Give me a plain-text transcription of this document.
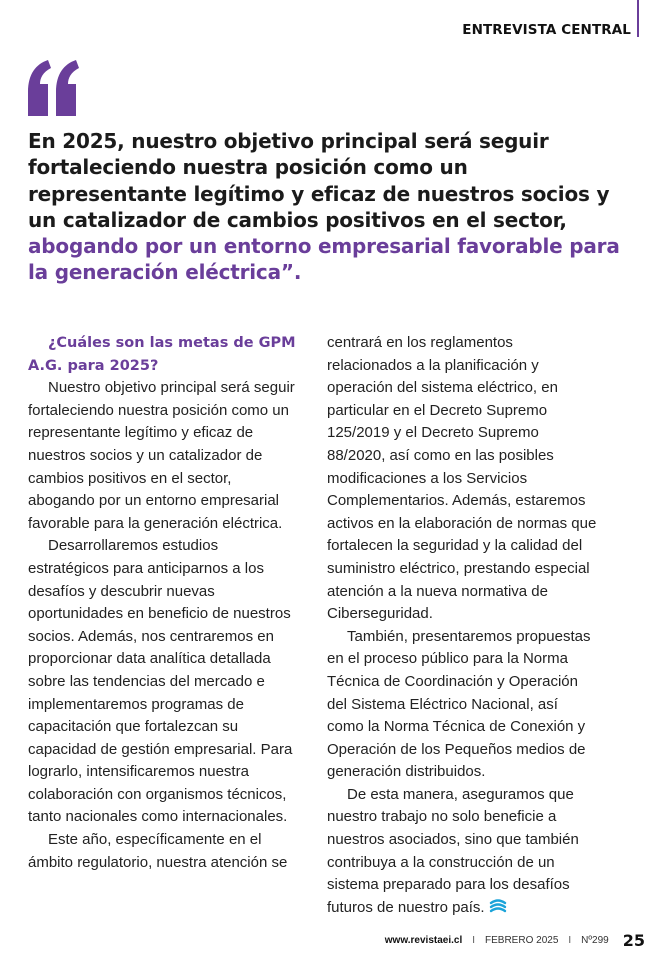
ENTREVISTA CENTRAL
En 2025, nuestro objetivo principal será seguir fortaleciendo nuestra posición como un representante legítimo y eficaz de nuestros socios y un catalizador de cambios positivos en el sector, abogando por un entorno empresarial favorable para la generación eléctrica”.

¿Cuáles son las metas de GPM
A.G. para 2025?

Nuestro objetivo principal será seguir fortaleciendo nuestra posición como un representante legítimo y eficaz de nuestros socios y un catalizador de cambios positivos en el sector, abogando por un entorno empresarial favorable para la generación eléctrica.

Desarrollaremos estudios estratégicos para anticiparnos a los desafíos y descubrir nuevas oportunidades en beneficio de nuestros socios. Además, nos centraremos en proporcionar data analítica detallada sobre las tendencias del mercado e implementaremos programas de capacitación que fortalezcan su capacidad de gestión empresarial. Para lograrlo, intensificaremos nuestra colaboración con organismos técnicos, tanto nacionales como internacionales.

Este año, específicamente en el ámbito regulatorio, nuestra atención se

centrará en los reglamentos relacionados a la planificación y operación del sistema eléctrico, en particular en el Decreto Supremo 125/2019 y el Decreto Supremo 88/2020, así como en las posibles modificaciones a los Servicios Complementarios. Además, estaremos activos en la elaboración de normas que fortalecen la seguridad y la calidad del suministro eléctrico, prestando especial atención a la nueva normativa de Ciberseguridad.

También, presentaremos propuestas en el proceso público para la Norma Técnica de Coordinación y Operación del Sistema Eléctrico Nacional, así como la Norma Técnica de Conexión y Operación de los Pequeños medios de generación distribuidos.

De esta manera, aseguramos que nuestro trabajo no solo beneficie a nuestros asociados, sino que también contribuya a la construcción de un sistema preparado para los desafíos futuros de nuestro país.

www.revistaei.cl I FEBRERO 2025 I Nº299 25
